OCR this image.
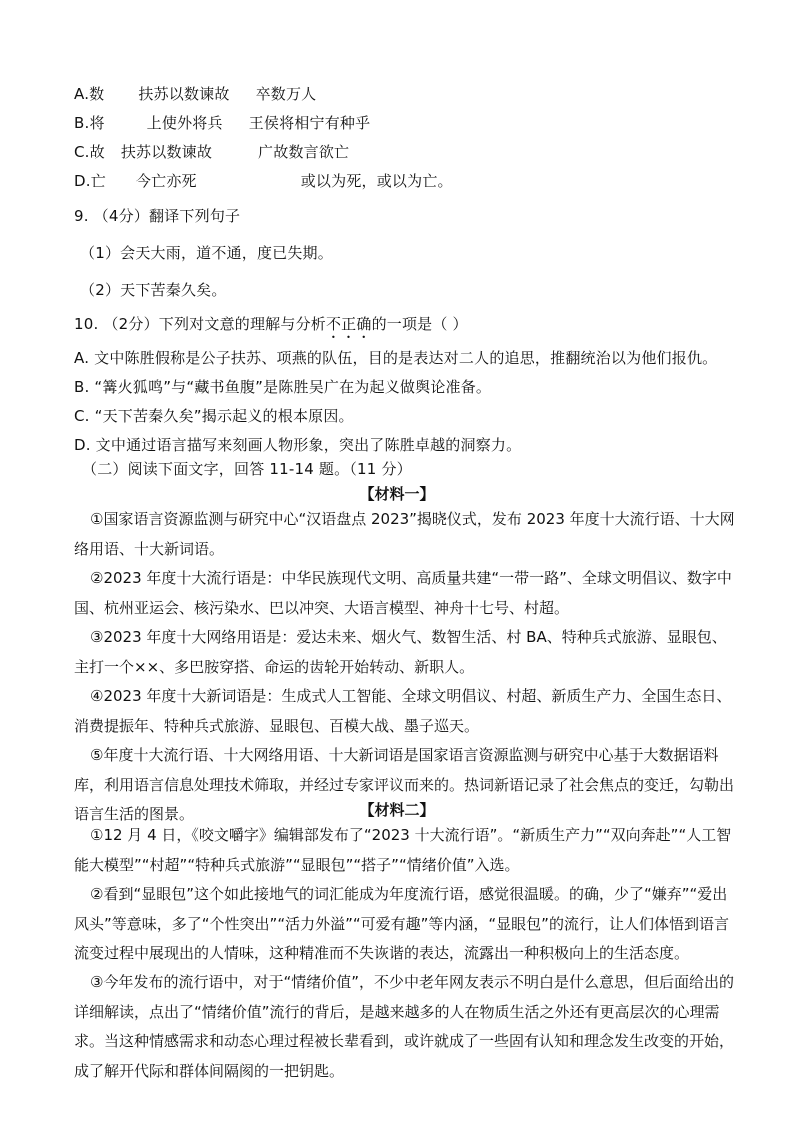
A.数 扶苏以数谏故 卒数万人
B.将	上使外将兵 王侯将相宁有种乎
C.故 扶苏以数谏故	广故数言欲亡
D.亡 今亡亦死	或以为死，或以为亡。
9. （4分）翻译下列句子
（1）会天大雨，道不通，度已失期。
（2）天下苦秦久矣。
10. （2分）下列对文意的理解与分析不正确的一项是（ ）
A. 文中陈胜假称是公子扶苏、项燕的队伍，目的是表达对二人的追思，推翻统治以为他们报仇。
B. “篝火狐鸣”与“藏书鱼腹”是陈胜吴广在为起义做舆论准备。
C. “天下苦秦久矣”揭示起义的根本原因。
D. 文中通过语言描写来刻画人物形象，突出了陈胜卓越的洞察力。
（二）阅读下面文字，回答 11-14 题。（11 分）
【材料一】

①国家语言资源监测与研究中心“汉语盘点 2023”揭晓仪式，发布 2023 年度十大流行语、十大网络用语、十大新词语。

②2023 年度十大流行语是：中华民族现代文明、高质量共建“一带一路”、全球文明倡议、数字中国、杭州亚运会、核污染水、巴以冲突、大语言模型、神舟十七号、村超。

③2023 年度十大网络用语是：爱达未来、烟火气、数智生活、村 BA、特种兵式旅游、显眼包、主打一个××、多巴胺穿搭、命运的齿轮开始转动、新职人。

④2023 年度十大新词语是：生成式人工智能、全球文明倡议、村超、新质生产力、全国生态日、消费提振年、特种兵式旅游、显眼包、百模大战、墨子巡天。

⑤年度十大流行语、十大网络用语、十大新词语是国家语言资源监测与研究中心基于大数据语料库，利用语言信息处理技术筛取，并经过专家评议而来的。热词新语记录了社会焦点的变迁，勾勒出语言生活的图景。	【材料二】

①12 月 4 日，《咬文嚼字》编辑部发布了“2023 十大流行语”。“新质生产力”“双向奔赴”“人工智能大模型”“村超”“特种兵式旅游”“显眼包”“搭子”“情绪价值”入选。

②看到“显眼包”这个如此接地气的词汇能成为年度流行语，感觉很温暖。的确，少了“嫌弃”“爱出风头”等意味，多了“个性突出”“活力外溢”“可爱有趣”等内涵，“显眼包”的流行，让人们体悟到语言流变过程中展现出的人情味，这种精准而不失诙谐的表达，流露出一种积极向上的生活态度。

③今年发布的流行语中，对于“情绪价值”，不少中老年网友表示不明白是什么意思，但后面给出的详细解读，点出了“情绪价值”流行的背后，是越来越多的人在物质生活之外还有更高层次的心理需求。当这种情感需求和动态心理过程被长辈看到，或许就成了一些固有认知和理念发生改变的开始，成了解开代际和群体间隔阂的一把钥匙。
